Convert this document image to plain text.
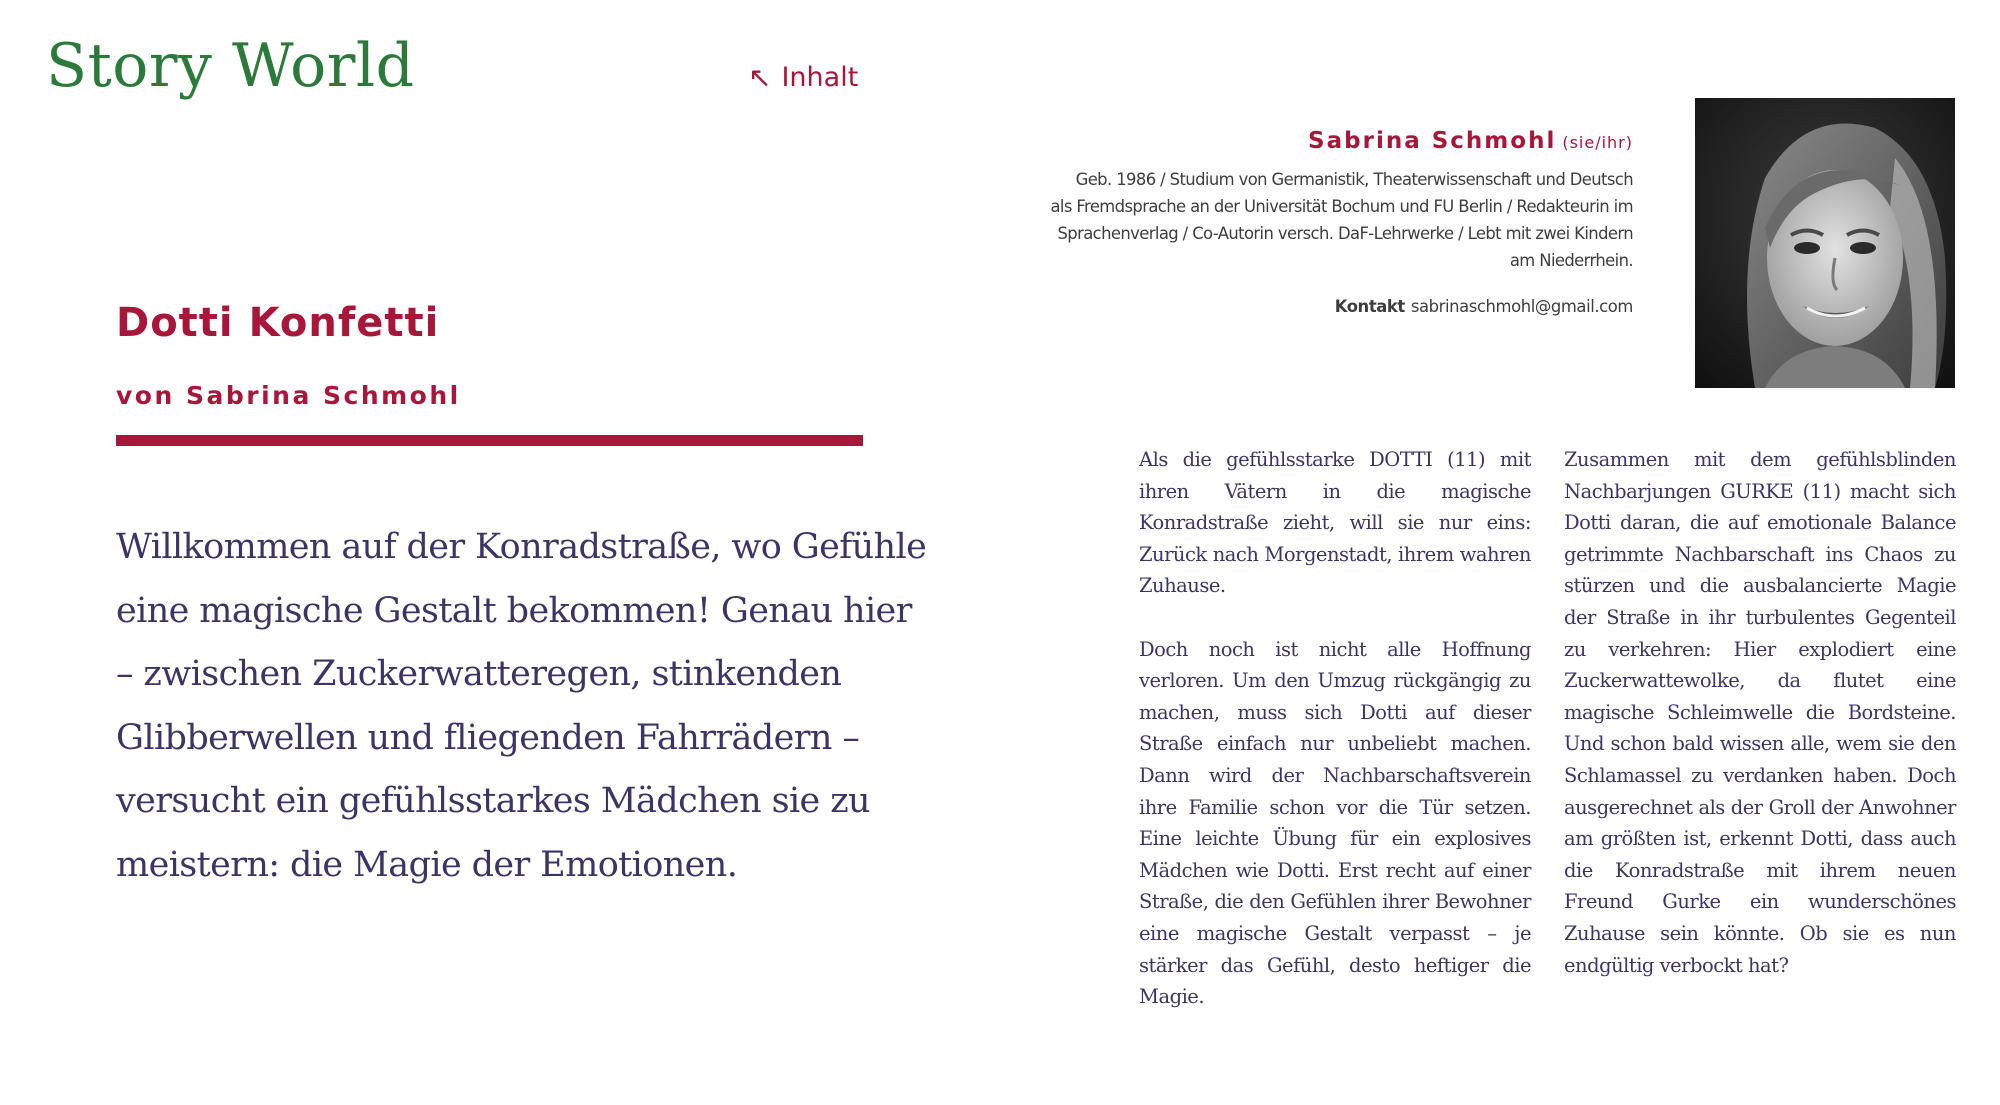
Story World	↖ Inhalt
Dotti Konfetti

von Sabrina Schmohl

Willkommen auf der Konradstraße, wo Gefühle eine magische Gestalt bekommen! Genau hier – zwischen Zuckerwatteregen, stinkenden Glibberwellen und fliegenden Fahrrädern – versucht ein gefühlsstarkes Mädchen sie zu meistern: die Magie der Emotionen.

Sabrina Schmohl (sie/ihr)

Geb. 1986 / Studium von Germanistik, Theaterwissenschaft und Deutsch als Fremdsprache an der Universität Bochum und FU Berlin / Redakteurin im Sprachenverlag / Co-Autorin versch. DaF-Lehrwerke / Lebt mit zwei Kindern am Niederrhein.

Kontakt sabrinaschmohl@gmail.com

Als die gefühlsstarke DOTTI (11) mit ihren Vätern in die magische Konradstraße zieht, will sie nur eins: Zurück nach Morgenstadt, ihrem wahren Zuhause.

Doch noch ist nicht alle Hoffnung verloren. Um den Umzug rückgängig zu machen, muss sich Dotti auf dieser Straße einfach nur unbeliebt machen. Dann wird der Nachbarschaftsverein ihre Familie schon vor die Tür setzen. Eine leichte Übung für ein explosives Mädchen wie Dotti. Erst recht auf einer Straße, die den Gefühlen ihrer Bewohner eine magische Gestalt verpasst – je stärker das Gefühl, desto heftiger die Magie.

Zusammen mit dem gefühlsblinden Nachbarjungen GURKE (11) macht sich Dotti daran, die auf emotionale Balance getrimmte Nachbarschaft ins Chaos zu stürzen und die ausbalancierte Magie der Straße in ihr turbulentes Gegenteil zu verkehren: Hier explodiert eine Zuckerwattewolke, da flutet eine magische Schleimwelle die Bordsteine. Und schon bald wissen alle, wem sie den Schlamassel zu verdanken haben. Doch ausgerechnet als der Groll der Anwohner am größten ist, erkennt Dotti, dass auch die Konradstraße mit ihrem neuen Freund Gurke ein wunderschönes Zuhause sein könnte. Ob sie es nun endgültig verbockt hat?
